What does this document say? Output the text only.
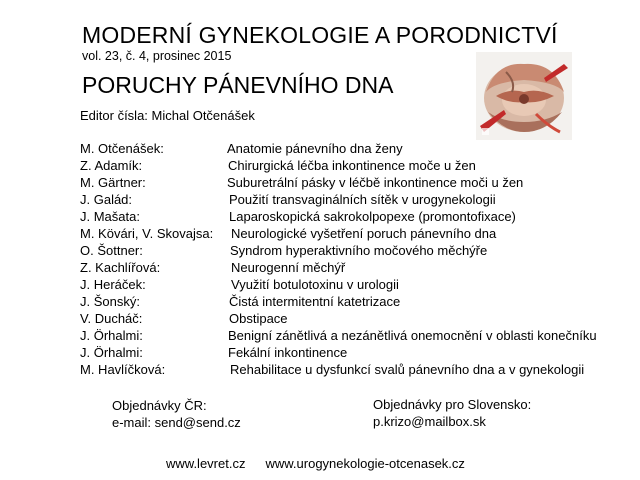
MODERNÍ GYNEKOLOGIE A PORODNICTVÍ
vol. 23, č. 4, prosinec 2015
PORUCHY PÁNEVNÍHO DNA
Editor čísla: Michal Otčenášek
M. Otčenášek:	Anatomie pánevního dna ženy
Z. Adamík:	Chirurgická léčba inkontinence moče u žen
M. Gärtner:	Suburetrální pásky v léčbě inkontinence moči u žen
J. Galád:	Použití transvaginálních sítěk v urogynekologii
J. Mašata:	Laparoskopická sakrokolpopexe (promontofixace)
M. Kövári, V. Skovajsa: Neurologické vyšetření poruch pánevního dna
O. Šottner:	Syndrom hyperaktivního močového měchýře
Z. Kachlířová:	Neurogenní měchýř
J. Heráček:	Využití botulotoxinu v urologii
J. Šonský:	Čistá intermitentní katetrizace
V. Ducháč:	Obstipace
J. Örhalmi:	Benigní zánětlivá a nezánětlivá onemocnění v oblasti konečníku
J. Örhalmi:	Fekální inkontinence
M. Havlíčková:	Rehabilitace u dysfunkcí svalů pánevního dna a v gynekologii
Objednávky ČR:
e-mail: send@send.cz
Objednávky pro Slovensko:
p.krizo@mailbox.sk
www.levret.cz www.urogynekologie-otcenasek.cz
